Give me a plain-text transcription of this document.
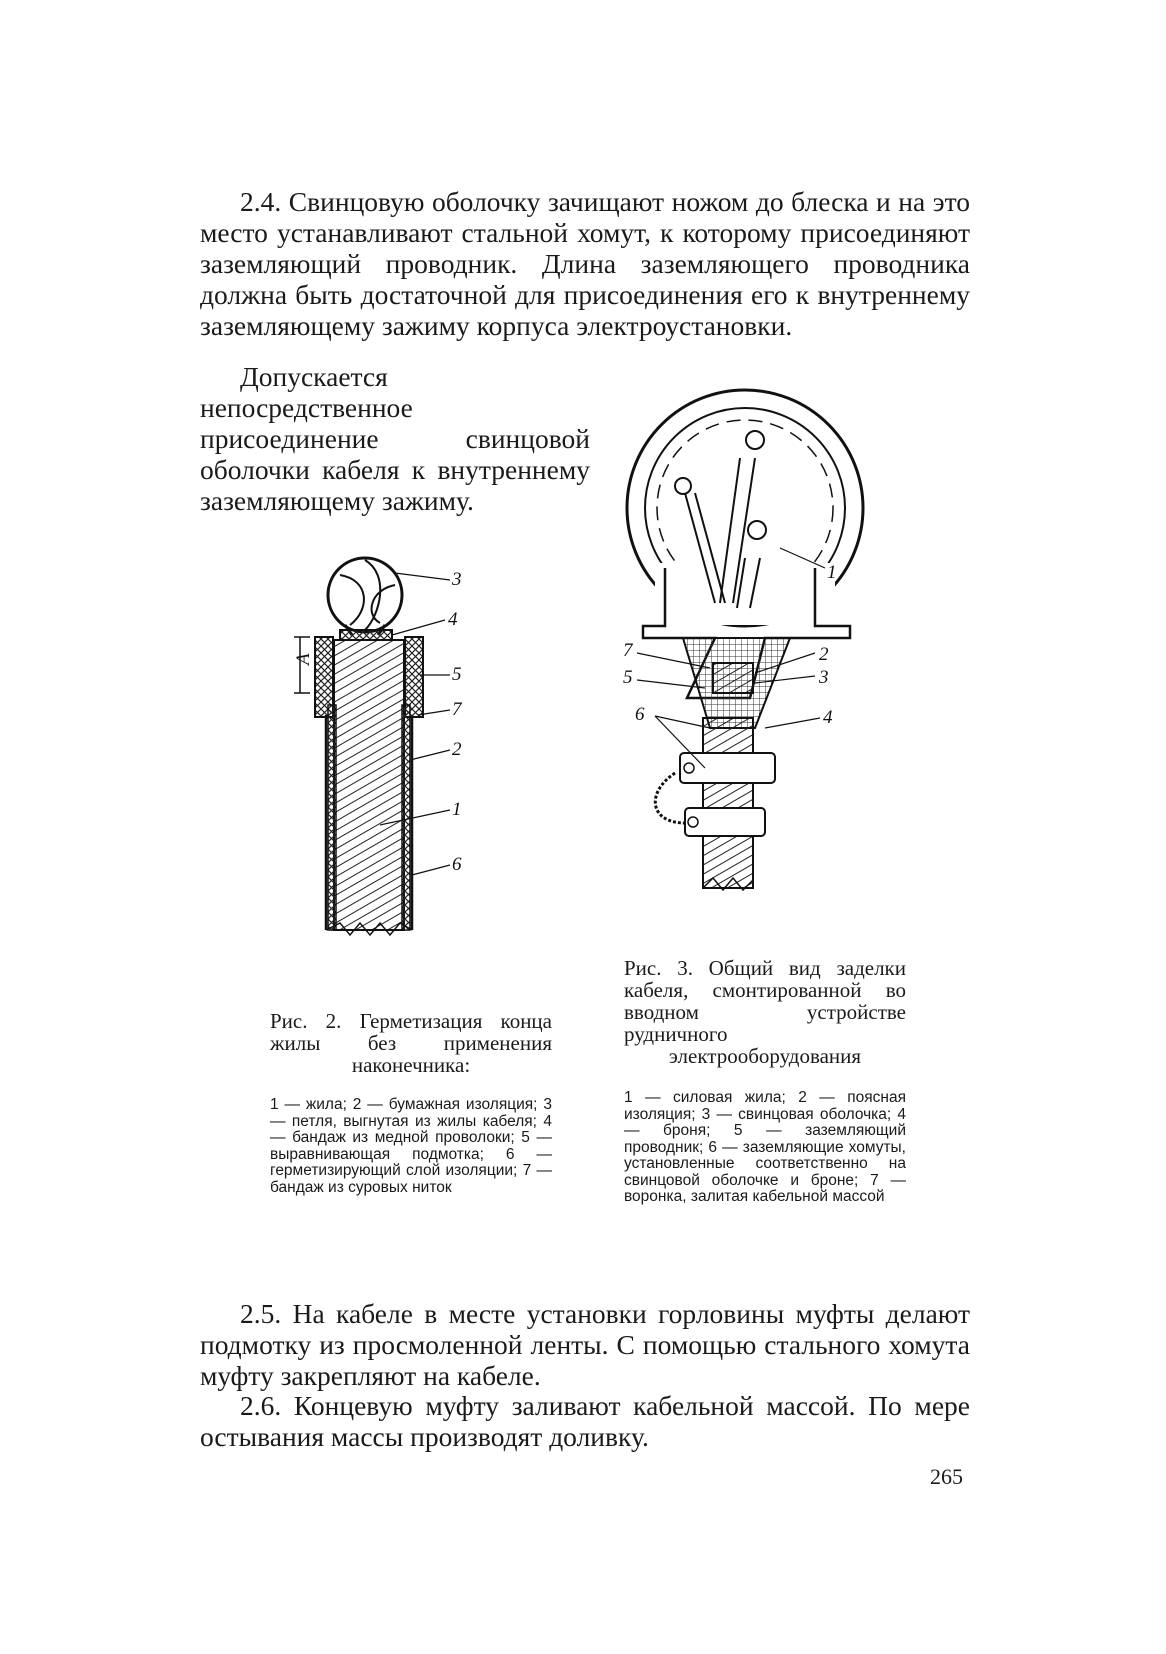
2.4. Свинцовую оболочку зачищают ножом до блеска и на это место устанавливают стальной хомут, к которому присоединяют заземляющий проводник. Длина заземляющего проводника должна быть достаточной для присоединения его к внутреннему заземляющему зажиму корпуса электроустановки.

Допускается непосредственное присоединение свинцовой оболочки кабеля к внутреннему заземляющему зажиму.

3
4
5
7
2
1
6
A

Рис. 2. Герметизация конца жилы без применения наконечника:

1 — жила; 2 — бумажная изоляция; 3 — петля, выгнутая из жилы кабеля; 4 — бандаж из медной проволоки; 5 — выравнивающая подмотка; 6 — герметизирующий слой изоляции; 7 — бандаж из суровых ниток

1
2
3
4
7
5
6

Рис. 3. Общий вид заделки кабеля, смонтированной во вводном устройстве рудничного электрооборудования

1 — силовая жила; 2 — поясная изоляция; 3 — свинцовая оболочка; 4 — броня; 5 — заземляющий проводник; 6 — заземляющие хомуты, установленные соответственно на свинцовой оболочке и броне; 7 — воронка, залитая кабельной массой

2.5. На кабеле в месте установки горловины муфты делают подмотку из просмоленной ленты. С помощью стального хомута муфту закрепляют на кабеле.

2.6. Концевую муфту заливают кабельной массой. По мере остывания массы производят доливку.

265
